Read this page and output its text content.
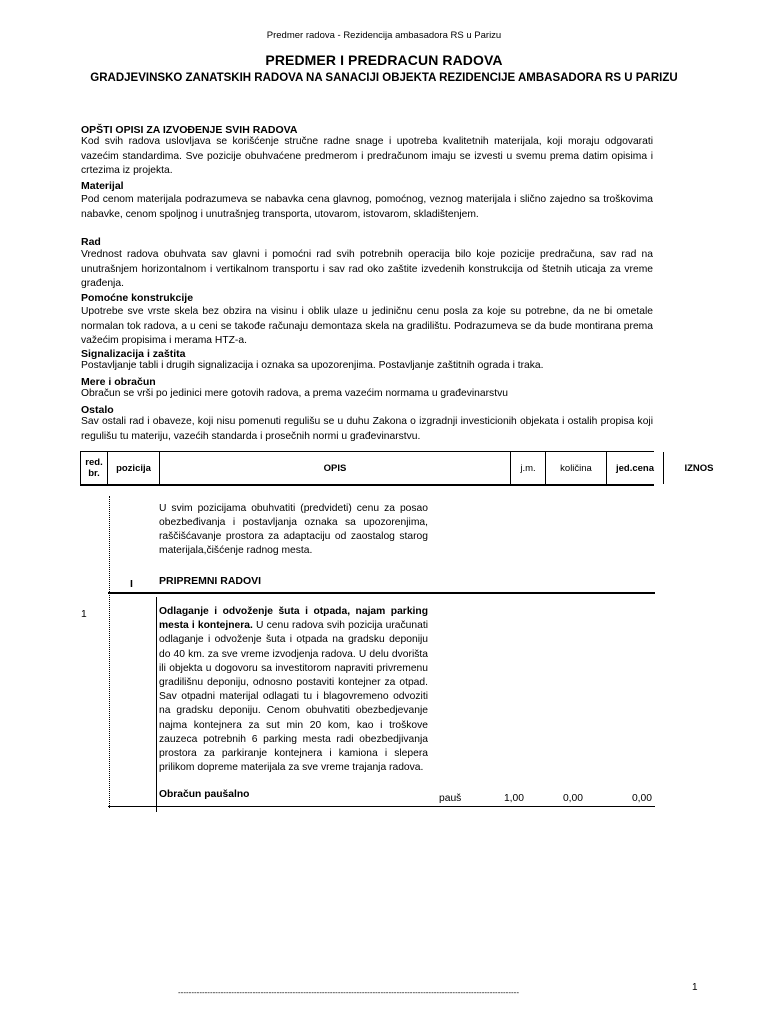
Predmer radova - Rezidencija ambasadora RS u Parizu
PREDMER I PREDRACUN RADOVA
GRADJEVINSKO ZANATSKIH RADOVA NA SANACIJI OBJEKTA REZIDENCIJE AMBASADORA RS U PARIZU
OPŠTI OPISI ZA IZVOĐENJE SVIH RADOVA
Kod svih radova uslovljava se korišćenje stručne radne snage i upotreba kvalitetnih materijala, koji moraju odgovarati vazećim standardima. Sve pozicije obuhvaćene predmerom i predračunom imaju se izvesti u svemu prema datim opisima i crtezima iz projekta.
Materijal
Pod cenom materijala podrazumeva se nabavka cena glavnog, pomoćnog, veznog materijala i slično zajedno sa troškovima nabavke, cenom spoljnog i unutrašnjeg transporta, utovarom, istovarom, skladištenjem.
Rad
Vrednost radova obuhvata sav glavni i pomoćni rad svih potrebnih operacija bilo koje pozicije predračuna, sav rad na unutrašnjem horizontalnom i vertikalnom transportu i sav rad oko zaštite izvedenih konstrukcija od štetnih uticaja za vreme građenja.
Pomoćne konstrukcije
Upotrebe sve vrste skela bez obzira na visinu i oblik ulaze u jediničnu cenu posla za koje su potrebne, da ne bi ometale normalan tok radova, a u ceni se takođe računaju demontaza skela na gradilištu. Podrazumeva se da bude montirana prema važećim propisima i merama HTZ-a.
Signalizacija i zaštita
Postavljanje tabli i drugih signalizacija i oznaka sa upozorenjima. Postavljanje zaštitnih ograda i traka.
Mere i obračun
Obračun se vrši po jedinici mere gotovih radova, a prema vazećim normama u građevinarstvu
Ostalo
Sav ostali rad i obaveze, koji nisu pomenuti regulišu se u duhu Zakona o izgradnji investicionih objekata i ostalih propisa koji regulišu tu materiju, vazećih standarda i prosečnih normi u građevinarstvu.
red. br.	pozicija	OPIS	j.m.	količina	jed.cena	IZNOS
U svim pozicijama obuhvatiti (predvideti) cenu za posao obezbeđivanja i postavljanja oznaka sa upozorenjima, raščišćavanje prostora za adaptaciju od zaostalog starog materijala,čišćenje radnog mesta.
I PRIPREMNI RADOVI
1	Odlaganje i odvoženje šuta i otpada, najam parking mesta i kontejnera. U cenu radova svih pozicija uračunati odlaganje i odvoženje šuta i otpada na gradsku deponiju do 40 km. za sve vreme izvodjenja radova. U delu dvorišta ili objekta u dogovoru sa investitorom napraviti privremenu gradilišnu deponiju, odnosno postaviti kontejner za otpad. Sav otpadni materijal odlagati tu i blagovremeno odvoziti na gradsku deponiju. Cenom obuhvatiti obezbedjevanje najma kontejnera za sut min 20 kom, kao i troškove zauzeca potrebnih 6 parking mesta radi obezbedjivanja prostora za parkiranje kontejnera i kamiona i slepera prilikom dopreme materijala za sve vreme trajanja radova.
Obračun paušalno	pauš	1,00	0,00	0,00
--------------------------------------------------------------------------------------------------------------------------------	1
